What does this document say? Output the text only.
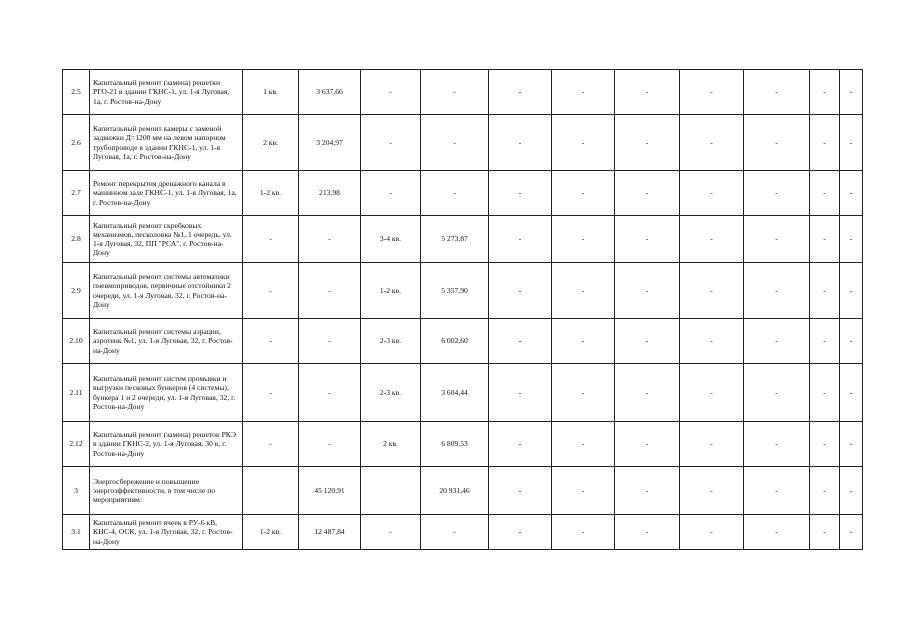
2.5	Капитальный ремонт (замена) решетки РГО-21 в здании ГКНС-1, ул. 1-я Луговая, 1а, г. Ростов-на-Дону	1 кв.	3 637,66	-	-	-	-	-	-	-	-	-
2.6	Капитальный ремонт камеры с заменой задвижки Д=1200 мм на левом напорном трубопроводе в здании ГКНС-1, ул. 1-я Луговая, 1а, г. Ростов-на-Дону	2 кв.	3 204,97	-	-	-	-	-	-	-	-	-
2.7	Ремонт перекрытия дренажного канала в машинном зале ГКНС-1, ул. 1-я Луговая, 1а, г. Ростов-на-Дону	1-2 кв.	213,98	-	-	-	-	-	-	-	-	-
2.8	Капитальный ремонт скребковых механизмов, песколовка №1, 1 очередь, ул. 1-я Луговая, 32, ПП "РСА", г. Ростов-на-Дону	-	-	3-4 кв.	5 273,87	-	-	-	-	-	-	-
2.9	Капитальный ремонт системы автоматики пневмоприводов, первичные отстойники 2 очереди, ул. 1-я Луговая, 32, г. Ростов-на-Дону	-	-	1-2 кв.	5 357,90	-	-	-	-	-	-	-
2.10	Капитальный ремонт системы аэрации, аэротенк №1, ул. 1-я Луговая, 32, г. Ростов-на-Дону	-	-	2-3 кв.	6 002,60	-	-	-	-	-	-	-
2.11	Капитальный ремонт систем промывки и выгрузки песковых бункеров (4 системы), бункера 1 и 2 очереди, ул. 1-я Луговая, 32, г. Ростов-на-Дону	-	-	2-3 кв.	3 604,44	-	-	-	-	-	-	-
2.12	Капитальный ремонт (замена) решеток РКЭ в здании ГКНС-2, ул. 1-я Луговая, 30 в, г. Ростов-на-Дону	-	-	2 кв.	6 809,53	-	-	-	-	-	-	-
3	Энергосбережение и повышение энергоэффективности, в том числе по мероприятиям:		45 120,91		20 931,46	-	-	-	-	-	-	-
3.1	Капитальный ремонт ячеек в РУ-6 кВ, КНС-4, ОСК, ул. 1-я Луговая, 32, г. Ростов-на-Дону	1-2 кв.	12 487,84	-	-	-	-	-	-	-	-	-
